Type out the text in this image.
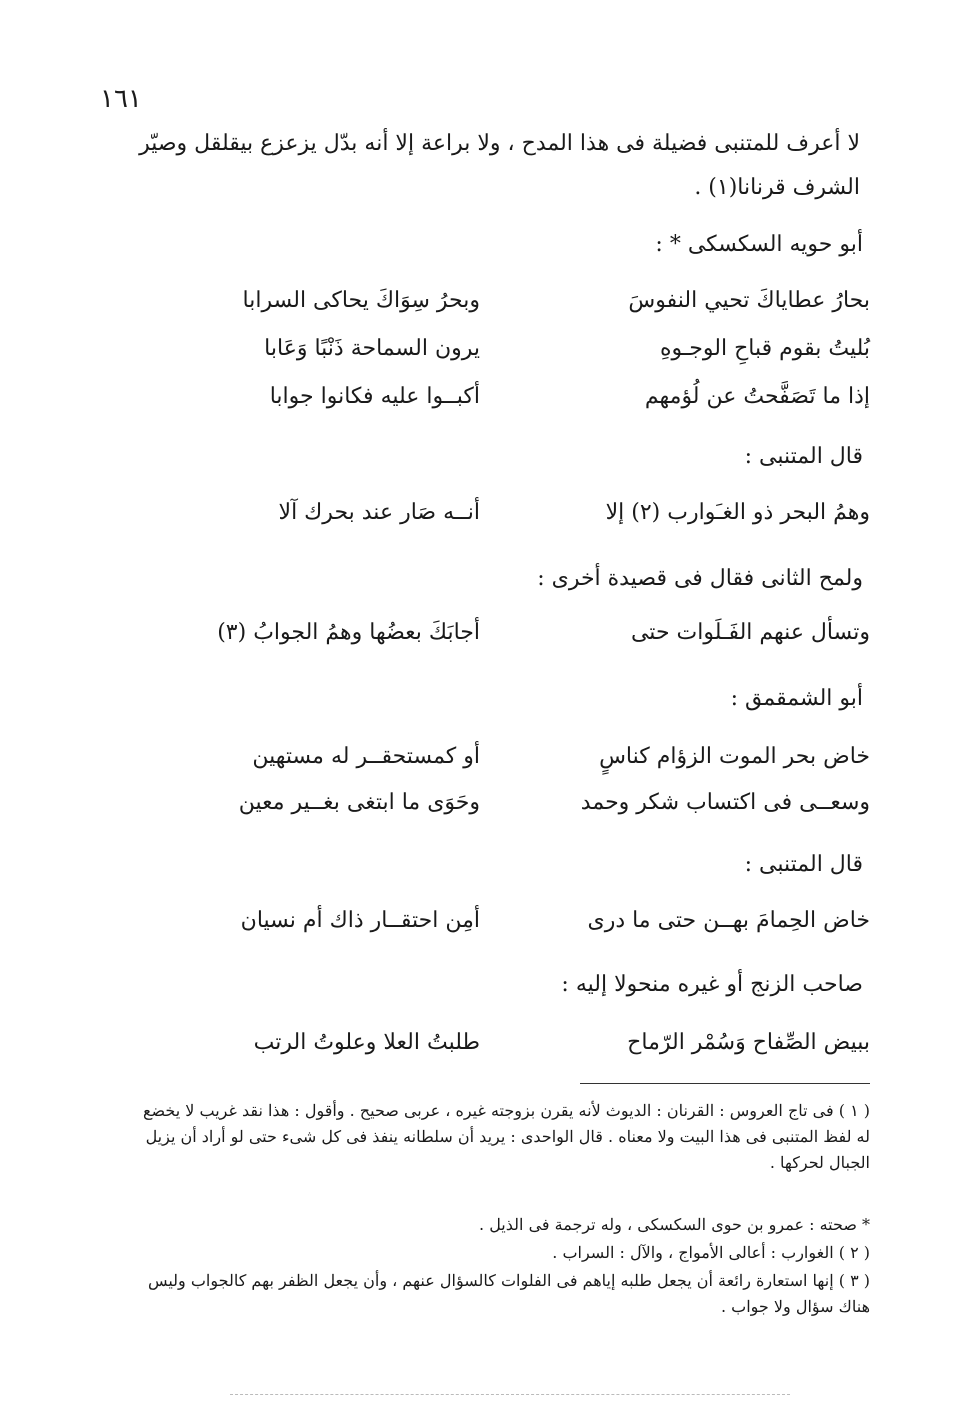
١٦١
لا أعرف للمتنبى فضيلة فى هذا المدح ، ولا براعة إلا أنه بدّل يزعزع بيقلقل وصيّر الشرف قرنانا(١) .
أبو حويه السكسكى * :
بحارُ عطاياكَ تحيي النفوسَ
وبحرُ سِوَاكَ يحاكى السرابا
بُليتُ بقوم قباحِ الوجـوهِ
يرون السماحة ذَنْبًا وَعَابا
إذا ما تَصَفَّحتُ عن لُؤمهم
أكبــوا عليه فكانوا جوابا
قال المتنبى :
وهمُ البحر ذو الغـَوارب (٢) إلا
أنــه صَار عند بحرك آلا
ولمح الثانى فقال فى قصيدة أخرى :
وتسأل عنهم الفَـلَوات حتى
أجابَكَ بعضُها وهمُ الجوابُ (٣)
أبو الشمقمق :
خاض بحر الموت الزؤام كناسٍ
أو كمستحقــر له مستهين
وسعــى فى اكتساب شكر وحمد
وحَوَى ما ابتغى بغــير معين
قال المتنبى :
خاض الحِمامَ بهــن حتى ما درى
أمِن احتقــار ذاك أم نسيان
صاحب الزنج أو غيره منحولا إليه :
ببيض الصِّفاح وَسُمْر الرّماح
طلبتُ العلا وعلوتُ الرتب
( ١ ) فى تاج العروس : القرنان : الديوث لأنه يقرن بزوجته غيره ، عربى صحيح . وأقول : هذا نقد غريب لا يخضع له لفظ المتنبى فى هذا البيت ولا معناه . قال الواحدى : يريد أن سلطانه ينفذ فى كل شىء حتى لو أراد أن يزيل الجبال لحركها .
* صحته : عمرو بن حوى السكسكى ، وله ترجمة فى الذيل .
( ٢ ) الغوارب : أعالى الأمواج ، والآل : السراب .
( ٣ ) إنها استعارة رائعة أن يجعل طلبه إياهم فى الفلوات كالسؤال عنهم ، وأن يجعل الظفر بهم كالجواب وليس هناك سؤال ولا جواب .
